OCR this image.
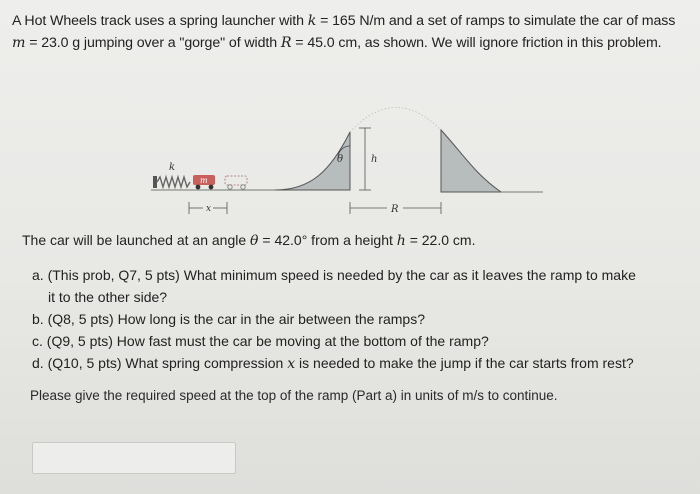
A Hot Wheels track uses a spring launcher with k = 165 N/m and a set of ramps to simulate the car of mass m = 23.0 g jumping over a "gorge" of width R = 45.0 cm, as shown. We will ignore friction in this problem.
k
m
θ	h
x	R
The car will be launched at an angle θ = 42.0° from a height h = 22.0 cm.

a. (This prob, Q7, 5 pts) What minimum speed is needed by the car as it leaves the ramp to make
it to the other side?

b. (Q8, 5 pts) How long is the car in the air between the ramps?

c. (Q9, 5 pts) How fast must the car be moving at the bottom of the ramp?

d. (Q10, 5 pts) What spring compression x is needed to make the jump if the car starts from rest?

Please give the required speed at the top of the ramp (Part a) in units of m/s to continue.
